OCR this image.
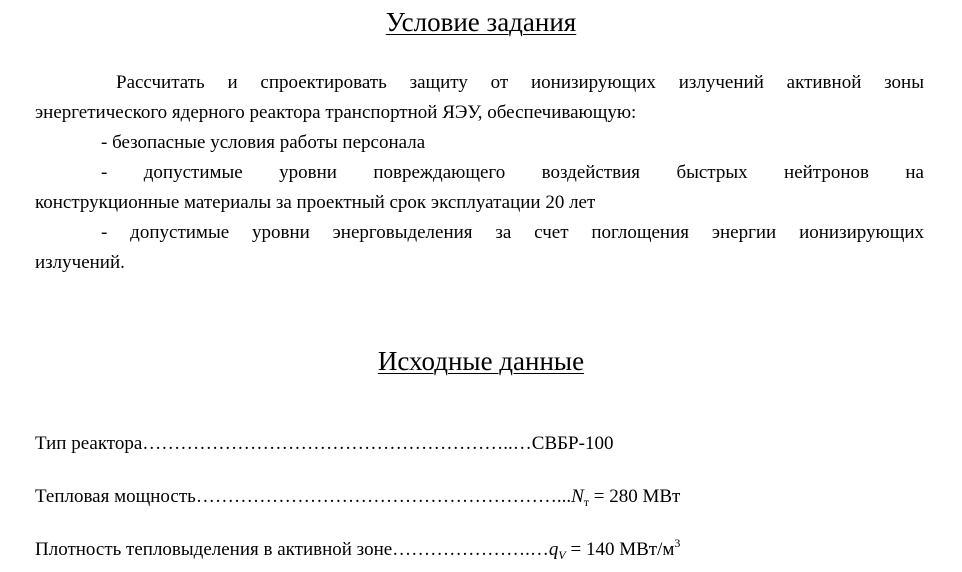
Условие задания

Рассчитать и спроектировать защиту от ионизирующих излучений активной зоны

энергетического ядерного реактора транспортной ЯЭУ, обеспечивающую:

- безопасные условия работы персонала

- допустимые уровни повреждающего воздействия быстрых нейтронов на

конструкционные материалы за проектный срок эксплуатации 20 лет

- допустимые уровни энерговыделения за счет поглощения энергии ионизирующих

излучений.

Исходные данные
Тип реактора…………………………………………………..…СВБР-100
Тепловая $мощность\dots\dots\dots\dots\dots\dots\dots\dots\dots\dots\dots\dots\dots\dots\dots\dots\dots\dots\dots...N_т = 280$ МВт
Плотность тепловыделения в активной $зоне\dots\dots\dots\dots\dots\dots\dots.\dots q_V = 140$ МВт/$м^3$
